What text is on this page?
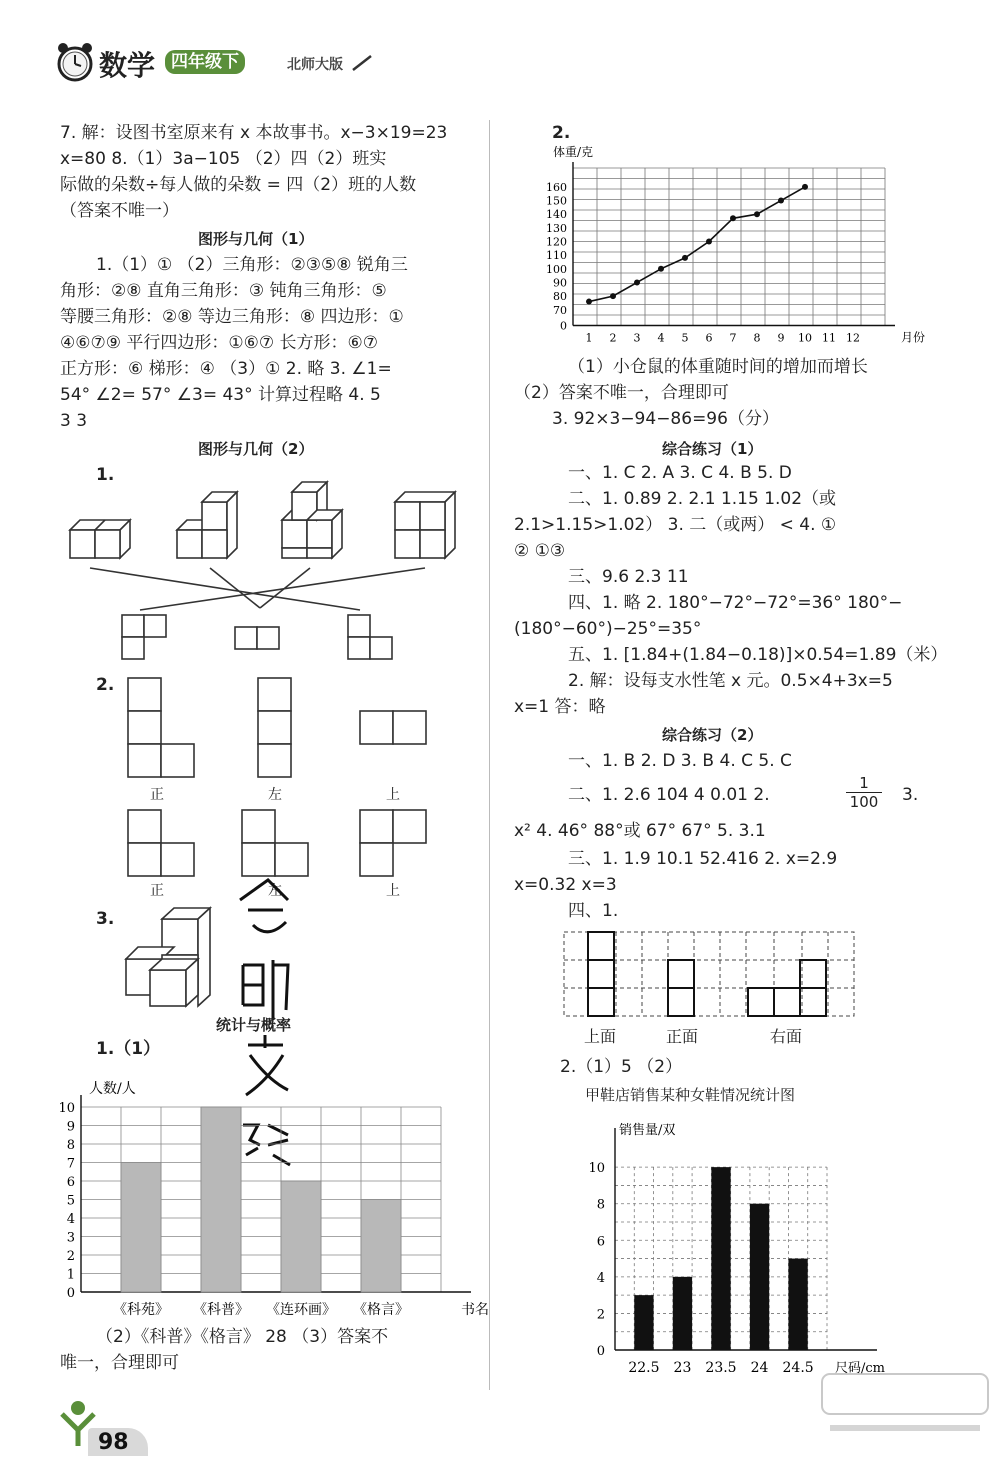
数学 四年级下	北师大版
7. 解：设图书室原来有 x 本故事书。x−3×19=23
x=80 8.（1）3a−105 （2）四（2）班实
际做的朵数÷每人做的朵数 = 四（2）班的人数
（答案不唯一）
图形与几何（1）
1.（1）① （2）三角形：②③⑤⑧ 锐角三
角形：②⑧ 直角三角形：③ 钝角三角形：⑤
等腰三角形：②⑧ 等边三角形：⑧ 四边形：①
④⑥⑦⑨ 平行四边形：①⑥⑦ 长方形：⑥⑦
正方形：⑥ 梯形：④ （3）① 2. 略 3. ∠1=
54° ∠2= 57° ∠3= 43° 计算过程略 4. 5
3 3
图形与几何（2）
1.
2.
正	左	上
正	左	上
3.
统计与概率
1.（1）
人数/人
书名
0
1
2
3
4
5
6
7
8
9
10
《科苑》 《科普》 《连环画》 《格言》
（2）《科普》《格言》 28 （3）答案不
唯一，合理即可
98
2.
体重/克
月份
0
70
80
90
100
110
120
130
140
150
160
1 2 3 4 5 6 7 8 9 10 11 12
（1）小仓鼠的体重随时间的增加而增长
（2）答案不唯一，合理即可
3. 92×3−94−86=96（分）
综合练习（1）
一、1. C 2. A 3. C 4. B 5. D
二、1. 0.89 2. 2.1 1.15 1.02（或
2.1>1.15>1.02） 3. 二（或两） < 4. ①
② ①③
三、9.6 2.3 11
四、1. 略 2. 180°−72°−72°=36° 180°−
(180°−60°)−25°=35°
五、1. [1.84+(1.84−0.18)]×0.54=1.89（米）
2. 解：设每支水性笔 x 元。0.5×4+3x=5
x=1 答：略
综合练习（2）
一、1. B 2. D 3. B 4. C 5. C
二、1. 2.6 104 4 0.01 2.	$\frac{1}{100} 3$.
x² 4. 46° 88°或 67° 67° 5. 3.1
三、1. 1.9 10.1 52.416 2. x=2.9
x=0.32 x=3
四、1.
上面	正面	右面
2.（1）5 （2）
甲鞋店销售某种女鞋情况统计图
销售量/双
尺码/cm
0
2
4
6
8
10
22.5 23 23.5 24 24.5
